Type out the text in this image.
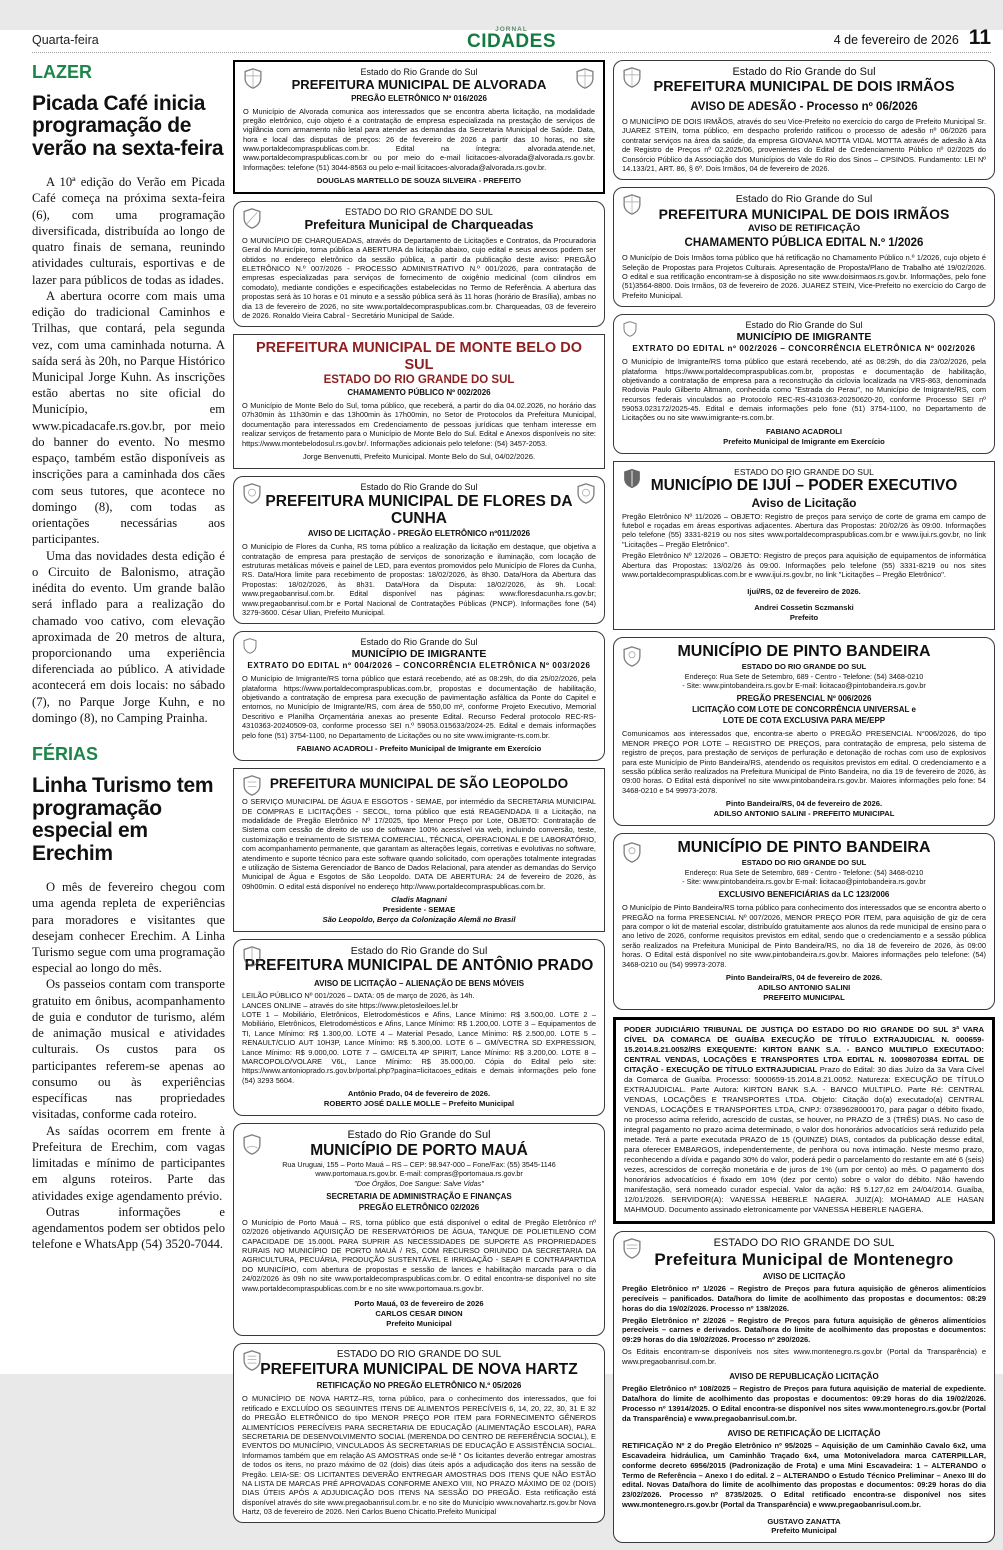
Quarta-feira
JORNAL
CIDADES	4 de fevereiro de 2026 11
LAZER
Picada Café inicia programação de verão na sexta-feira

A 10ª edição do Verão em Picada Café começa na próxima sexta-feira (6), com uma programação diversificada, distribuída ao longo de quatro finais de semana, reunindo atividades culturais, esportivas e de lazer para públicos de todas as idades.

A abertura ocorre com mais uma edição do tradicional Caminhos e Trilhas, que contará, pela segunda vez, com uma caminhada noturna. A saída será às 20h, no Parque Histórico Municipal Jorge Kuhn. As inscrições estão abertas no site oficial do Município, em www.picadacafe.rs.gov.br, por meio do banner do evento. No mesmo espaço, também estão disponíveis as inscrições para a caminhada dos cães com seus tutores, que acontece no domingo (8), com todas as orientações necessárias aos participantes.

Uma das novidades desta edição é o Circuito de Balonismo, atração inédita do evento. Um grande balão será inflado para a realização do chamado voo cativo, com elevação aproximada de 20 metros de altura, proporcionando uma experiência diferenciada ao público. A atividade acontecerá em dois locais: no sábado (7), no Parque Jorge Kuhn, e no domingo (8), no Camping Prainha.

FÉRIAS
Linha Turismo tem programação especial em Erechim

O mês de fevereiro chegou com uma agenda repleta de experiências para moradores e visitantes que desejam conhecer Erechim. A Linha Turismo segue com uma programação especial ao longo do mês.

Os passeios contam com transporte gratuito em ônibus, acompanhamento de guia e condutor de turismo, além de animação musical e atividades culturais. Os custos para os participantes referem-se apenas ao consumo ou às experiências específicas nas propriedades visitadas, conforme cada roteiro.

As saídas ocorrem em frente à Prefeitura de Erechim, com vagas limitadas e mínimo de participantes em alguns roteiros. Parte das atividades exige agendamento prévio.

Outras informações e agendamentos podem ser obtidos pelo telefone e WhatsApp (54) 3520-7044.

Estado do Rio Grande do Sul
PREFEITURA MUNICIPAL DE ALVORADA
PREGÃO ELETRÔNICO Nº 016/2026
O Município de Alvorada comunica aos interessados que se encontra aberta licitação, na modalidade pregão eletrônico, cujo objeto é a contratação de empresa especializada na prestação de serviços de vigilância com armamento não letal para atender as demandas da Secretaria Municipal de Saúde. Data, hora e local das disputas de preços: 26 de fevereiro de 2026 a partir das 10 horas, no site www.portaldecompraspublicas.com.br. Edital na íntegra: alvorada.atende.net, www.portaldecompraspublicas.com.br ou por meio do e-mail licitacoes-alvorada@alvorada.rs.gov.br. Informações: telefone (51) 3044-8563 ou pelo e-mail licitacoes-alvorada@alvorada.rs.gov.br.
DOUGLAS MARTELLO DE SOUZA SILVEIRA - PREFEITO
ESTADO DO RIO GRANDE DO SUL
Prefeitura Municipal de Charqueadas
O MUNICÍPIO DE CHARQUEADAS, através do Departamento de Licitações e Contratos, da Procuradoria Geral do Município, torna pública a ABERTURA da licitação abaixo, cujo edital e seus anexos podem ser obtidos no endereço eletrônico da sessão pública, a partir da publicação deste aviso: PREGÃO ELETRÔNICO N.º 007/2026 - PROCESSO ADMINISTRATIVO N.º 001/2026, para contratação de empresas especializadas para serviços de fornecimento de oxigênio medicinal (com cilindros em comodato), mediante condições e especificações estabelecidas no Termo de Referência. A abertura das propostas será às 10 horas e 01 minuto e a sessão pública será às 11 horas (horário de Brasília), ambas no dia 13 de fevereiro de 2026, no site www.portaldecompraspublicas.com.br. Charqueadas, 03 de fevereiro de 2026. Ronaldo Vieira Cabral - Secretário Municipal de Saúde.
PREFEITURA MUNICIPAL DE MONTE BELO DO SUL
ESTADO DO RIO GRANDE DO SUL
CHAMAMENTO PÚBLICO Nº 002/2026
O Município de Monte Belo do Sul, torna público, que receberá, a partir do dia 04.02.2026, no horário das 07h30min às 11h30min e das 13h00min às 17h00min, no Setor de Protocolos da Prefeitura Municipal, documentação para interessados em Credenciamento de pessoas jurídicas que tenham interesse em realizar serviços de fretamento para o Município de Monte Belo do Sul. Edital e Anexos disponíveis no site: https://www.montebelodosul.rs.gov.br/. Informações adicionais pelo telefone: (54) 3457-2053.
Jorge Benvenutti, Prefeito Municipal. Monte Belo do Sul, 04/02/2026.
Estado do Rio Grande do Sul
PREFEITURA MUNICIPAL DE FLORES DA CUNHA
AVISO DE LICITAÇÃO - PREGÃO ELETRÔNICO nº011/2026
O Município de Flores da Cunha, RS torna público a realização da licitação em destaque, que objetiva a contratação de empresa para prestação de serviços de sonorização e iluminação, com locação de estruturas metálicas móveis e painel de LED, para eventos promovidos pelo Município de Flores da Cunha, RS. Data/Hora limite para recebimento de propostas: 18/02/2026, às 8h30. Data/Hora da Abertura das Propostas: 18/02/2026, às 8h31. Data/Hora da Disputa: 18/02/2026, às 9h. Local: www.pregaobanrisul.com.br. Edital disponível nas páginas: www.floresdacunha.rs.gov.br; www.pregaobanrisul.com.br e Portal Nacional de Contratações Públicas (PNCP). Informações fone (54) 3279-3600. César Ulian, Prefeito Municipal.
Estado do Rio Grande do Sul
MUNICÍPIO DE IMIGRANTE
EXTRATO DO EDITAL nº 004/2026 – CONCORRÊNCIA ELETRÔNICA Nº 003/2026
O Município de Imigrante/RS torna público que estará recebendo, até as 08:29h, do dia 25/02/2026, pela plataforma https://www.portaldecompraspublicas.com.br, propostas e documentação de habilitação, objetivando a contratação de empresa para execução de pavimentação asfáltica da Ponte do Capitel e entornos, no Município de Imigrante/RS, com área de 550,00 m², conforme Projeto Executivo, Memorial Descritivo e Planilha Orçamentária anexas ao presente Edital. Recurso Federal protocolo REC-RS-4310363-20240509-03, conforme processo SEI n.º 59053.015633/2024-25. Edital e demais informações pelo fone (51) 3754-1100, no Departamento de Licitações ou no site www.imigrante-rs.com.br.
FABIANO ACADROLI - Prefeito Municipal de Imigrante em Exercício
PREFEITURA MUNICIPAL DE SÃO LEOPOLDO
O SERVIÇO MUNICIPAL DE ÁGUA E ESGOTOS - SEMAE, por intermédio da SECRETARIA MUNICIPAL DE COMPRAS E LICITAÇÕES - SECOL, torna público que está REAGENDADA II a Licitação, na modalidade de Pregão Eletrônico Nº 17/2025, tipo Menor Preço por Lote, OBJETO: Contratação de Sistema com cessão de direito de uso de software 100% acessível via web, incluindo conversão, teste, customização e treinamento de SISTEMA COMERCIAL, TÉCNICA, OPERACIONAL E DE LABORATÓRIO, com acompanhamento permanente, que garantam as alterações legais, corretivas e evolutivas no software, atendimento e suporte técnico para este software quando solicitado, com operações totalmente integradas e utilização de Sistema Gerenciador de Banco de Dados Relacional, para atender as demandas do Serviço Municipal de Água e Esgotos de São Leopoldo. DATA DE ABERTURA: 24 de fevereiro de 2026, às 09h00min. O edital está disponível no endereço http://www.portaldecompraspublicas.com.br.
Cladis Magnani
Presidente - SEMAE
São Leopoldo, Berço da Colonização Alemã no Brasil
Estado do Rio Grande do Sul
PREFEITURA MUNICIPAL DE ANTÔNIO PRADO
AVISO DE LICITAÇÃO – ALIENAÇÃO DE BENS MÓVEIS
LEILÃO PÚBLICO Nº 001/2026 – DATA: 05 de março de 2026, às 14h.
LANCES ONLINE – através do site https://www.pletosleiloes.lel.br
LOTE 1 – Mobiliário, Eletrônicos, Eletrodomésticos e Afins, Lance Mínimo: R$ 3.500,00. LOTE 2 – Mobiliário, Eletrônicos, Eletrodomésticos e Afins, Lance Mínimo: R$ 1.200,00. LOTE 3 – Equipamentos de TI, Lance Mínimo: R$ 1.300,00. LOTE 4 – Material Pesado, Lance Mínimo: R$ 2.500,00. LOTE 5 – RENAULT/CLIO AUT 10H3P, Lance Mínimo: R$ 5.300,00. LOTE 6 – GM/VECTRA SD EXPRESSION, Lance Mínimo: R$ 9.000,00. LOTE 7 – GM/CELTA 4P SPIRIT, Lance Mínimo: R$ 3.200,00. LOTE 8 – MARCOPOLO/VOLARE V6L, Lance Mínimo: R$ 35.000,00. Cópia do Edital pelo site: https://www.antonioprado.rs.gov.br/portal.php?pagina=licitacoes_editais e demais informações pelo fone (54) 3293 5604.
Antônio Prado, 04 de fevereiro de 2026.
ROBERTO JOSÉ DALLE MOLLE – Prefeito Municipal
Estado do Rio Grande do Sul
MUNICÍPIO DE PORTO MAUÁ
Rua Uruguai, 155 – Porto Mauá – RS – CEP: 98.947-000 – Fone/Fax: (55) 3545-1146
www.portomaua.rs.gov.br. E-mail: compras@portomaua.rs.gov.br
"Doe Órgãos, Doe Sangue: Salve Vidas"
SECRETARIA DE ADMINISTRAÇÃO E FINANÇAS
PREGÃO ELETRÔNICO 02/2026
O Município de Porto Mauá – RS, torna público que está disponível o edital de Pregão Eletrônico nº 02/2026 objetivando AQUISIÇÃO DE RESERVATÓRIOS DE ÁGUA, TANQUE DE POLIETILENO COM CAPACIDADE DE 15.000L PARA SUPRIR AS NECESSIDADES DE SUPORTE AS PROPRIEDADES RURAIS NO MUNICÍPIO DE PORTO MAUÁ / RS, COM RECURSO ORIUNDO DA SECRETARIA DA AGRICULTURA, PECUÁRIA, PRODUÇÃO SUSTENTÁVEL E IRRIGAÇÃO - SEAPI E CONTRAPARTIDA DO MUNICÍPIO, com abertura de propostas e sessão de lances e habilitação marcada para o dia 24/02/2026 às 09h no site www.portaldecompraspublicas.com.br. O edital encontra-se disponível no site www.portaldecompraspublicas.com.br e no site www.portomaua.rs.gov.br.
Porto Mauá, 03 de fevereiro de 2026
CARLOS CESAR DINON
Prefeito Municipal
ESTADO DO RIO GRANDE DO SUL
PREFEITURA MUNICIPAL DE NOVA HARTZ
RETIFICAÇÃO NO PREGÃO ELETRÔNICO N.º 05/2026
O MUNICÍPIO DE NOVA HARTZ–RS, torna público, para o conhecimento dos interessados, que foi retificado e EXCLUÍDO OS SEGUINTES ITENS DE ALIMENTOS PERECÍVEIS 6, 14, 20, 22, 30, 31 E 32 do PREGÃO ELETRÔNICO do tipo MENOR PREÇO POR ITEM para FORNECIMENTO GÊNEROS ALIMENTÍCIOS PERECÍVEIS PARA SECRETARIA DE EDUCAÇÃO (ALIMENTAÇÃO ESCOLAR), PARA SECRETARIA DE DESENVOLVIMENTO SOCIAL (MERENDA DO CENTRO DE REFERÊNCIA SOCIAL), E EVENTOS DO MUNICÍPIO, VINCULADOS ÀS SECRETARIAS DE EDUCAÇÃO E ASSISTÊNCIA SOCIAL. Informamos também que em relação AS AMOSTRAS onde se-lê " Os licitantes deverão entregar amostras de todos os itens, no prazo máximo de 02 (dois) dias úteis após a adjudicação dos itens na sessão de Pregão. LEIA-SE: OS LICITANTES DEVERÃO ENTREGAR AMOSTRAS DOS ITENS QUE NÃO ESTÃO NA LISTA DE MARCAS PRÉ APROVADAS CONFORME ANEXO VIII, NO PRAZO MÁXIMO DE 02 (DOIS) DIAS ÚTEIS APÓS A ADJUDICAÇÃO DOS ITENS NA SESSÃO DO PREGÃO. Esta retificação está disponível através do site www.pregaobanrisul.com.br. e no site do Município www.novahartz.rs.gov.br Nova Hartz, 03 de fevereiro de 2026. Neri Carlos Bueno Chicatto.Prefeito Municipal
Estado do Rio Grande do Sul
PREFEITURA MUNICIPAL DE DOIS IRMÃOS
AVISO DE ADESÃO - Processo nº 06/2026
O MUNICÍPIO DE DOIS IRMÃOS, através do seu Vice-Prefeito no exercício do cargo de Prefeito Municipal Sr. JUAREZ STEIN, torna público, em despacho proferido ratificou o processo de adesão nº 06/2026 para contratar serviços na área da saúde, da empresa GIOVANA MOTTA VIDAL MOTTA através de adesão à Ata de Registro de Preços nº 02.2025/06, provenientes do Edital de Credenciamento Público nº 02/2025 do Consórcio Público da Associação dos Municípios do Vale do Rio dos Sinos – CPSINOS. Fundamento: LEI Nº 14.133/21, ART. 86, § 6º. Dois Irmãos, 04 de fevereiro de 2026.
Estado do Rio Grande do Sul
PREFEITURA MUNICIPAL DE DOIS IRMÃOS
AVISO DE RETIFICAÇÃO
CHAMAMENTO PÚBLICA EDITAL N.º 1/2026
O Município de Dois Irmãos torna público que há retificação no Chamamento Público n.º 1/2026, cujo objeto é Seleção de Propostas para Projetos Culturais. Apresentação de Proposta/Plano de Trabalho até 19/02/2026. O edital e sua retificação encontram-se à disposição no site www.doisirmaos.rs.gov.br. Informações, pelo fone (51)3564-8800. Dois Irmãos, 03 de fevereiro de 2026. JUAREZ STEIN, Vice-Prefeito no exercício do Cargo de Prefeito Municipal.
Estado do Rio Grande do Sul
MUNICÍPIO DE IMIGRANTE
EXTRATO DO EDITAL nº 002/2026 – CONCORRÊNCIA ELETRÔNICA Nº 002/2026
O Município de Imigrante/RS torna público que estará recebendo, até as 08:29h, do dia 23/02/2026, pela plataforma https://www.portaldecompraspublicas.com.br, propostas e documentação de habilitação, objetivando a contratação de empresa para a reconstrução da ciclovia localizada na VRS-863, denominada Rodovia Paulo Gilberto Altmann, conhecida como "Estrada do Perau", no Município de Imigrante/RS, com recursos federais vinculados ao Protocolo REC-RS-4310363-20250620-20, conforme Processo SEI nº 59053.023172/2025-45. Edital e demais informações pelo fone (51) 3754-1100, no Departamento de Licitações ou no site www.imigrante-rs.com.br.
FABIANO ACADROLI
Prefeito Municipal de Imigrante em Exercício
ESTADO DO RIO GRANDE DO SUL
MUNICÍPIO DE IJUÍ – PODER EXECUTIVO
Aviso de Licitação
Pregão Eletrônico Nº 11/2026 – OBJETO: Registro de preços para serviço de corte de grama em campo de futebol e roçadas em áreas esportivas adjacentes. Abertura das Propostas: 20/02/26 às 09:00. Informações pelo telefone (55) 3331-8219 ou nos sites www.portaldecompraspublicas.com.br e www.ijui.rs.gov.br, no link "Licitações – Pregão Eletrônico".
Pregão Eletrônico Nº 12/2026 – OBJETO: Registro de preços para aquisição de equipamentos de informática Abertura das Propostas: 13/02/26 às 09:00. Informações pelo telefone (55) 3331-8219 ou nos sites www.portaldecompraspublicas.com.br e www.ijui.rs.gov.br, no link "Licitações – Pregão Eletrônico".
Ijuí/RS, 02 de fevereiro de 2026.
Andrei Cossetin Sczmanski
Prefeito
MUNICÍPIO DE PINTO BANDEIRA
ESTADO DO RIO GRANDE DO SUL
Endereço: Rua Sete de Setembro, 689 - Centro - Telefone: (54) 3468-0210
- Site: www.pintobandeira.rs.gov.br E-mail: licitacao@pintobandeira.rs.gov.br
PREGÃO PRESENCIAL Nº 006/2026
LICITAÇÃO COM LOTE DE CONCORRÊNCIA UNIVERSAL e
LOTE DE COTA EXCLUSIVA PARA ME/EPP
Comunicamos aos interessados que, encontra-se aberto o PREGÃO PRESENCIAL N°006/2026, do tipo MENOR PREÇO POR LOTE – REGISTRO DE PREÇOS, para contratação de empresa, pelo sistema de registro de preços, para prestação de serviços de perfuração e detonação de rochas com uso de explosivos para este Município de Pinto Bandeira/RS, atendendo os requisitos previstos em edital. O credenciamento e a sessão pública serão realizados na Prefeitura Municipal de Pinto Bandeira, no dia 19 de fevereiro de 2026, às 09:00 horas. O Edital está disponível no site www.pintobandeira.rs.gov.br. Maiores informações pelo fone: 54 3468-0210 e 54 99973-2078.
Pinto Bandeira/RS, 04 de fevereiro de 2026.
ADILSO ANTONIO SALINI - PREFEITO MUNICIPAL
MUNICÍPIO DE PINTO BANDEIRA
ESTADO DO RIO GRANDE DO SUL
Endereço: Rua Sete de Setembro, 689 - Centro - Telefone: (54) 3468-0210
- Site: www.pintobandeira.rs.gov.br E-mail: licitacao@pintobandeira.rs.gov.br
EXCLUSIVO BENEFICIÁRIAS da LC 123/2006
O Município de Pinto Bandeira/RS torna público para conhecimento dos interessados que se encontra aberto o PREGÃO na forma PRESENCIAL Nº 007/2026, MENOR PREÇO POR ITEM, para aquisição de giz de cera para compor o kit de material escolar, distribuído gratuitamente aos alunos da rede municipal de ensino para o ano letivo de 2026, conforme requisitos previstos em edital, sendo que o credenciamento e a sessão pública serão realizados na Prefeitura Municipal de Pinto Bandeira/RS, no dia 18 de fevereiro de 2026, às 09:00 horas. O Edital está disponível no site www.pintobandeira.rs.gov.br. Maiores informações pelo telefone: (54) 3468-0210 ou (54) 99973-2078.
Pinto Bandeira/RS, 04 de fevereiro de 2026.
ADILSO ANTONIO SALINI
PREFEITO MUNICIPAL
PODER JUDICIÁRIO TRIBUNAL DE JUSTIÇA DO ESTADO DO RIO GRANDE DO SUL 3ª VARA CÍVEL DA COMARCA DE GUAÍBA EXECUÇÃO DE TÍTULO EXTRAJUDICIAL N. 000659-15.2014.8.21.0052/RS EXEQUENTE: KIRTON BANK S.A. - BANCO MULTIPLO EXECUTADO: CENTRAL VENDAS, LOCAÇÕES E TRANSPORTES LTDA EDITAL N. 10098070384 EDITAL DE CITAÇÃO - EXECUÇÃO DE TÍTULO EXTRAJUDICIAL Prazo do Edital: 30 dias Juízo da 3a Vara Cível da Comarca de Guaíba. Processo: 5000659-15.2014.8.21.0052. Natureza: EXECUÇÃO DE TÍTULO EXTRAJUDICIAL. Parte Autora: KIRTON BANK S.A. - BANCO MULTIPLO. Parte Ré: CENTRAL VENDAS, LOCAÇÕES E TRANSPORTES LTDA. Objeto: Citação do(a) executado(a) CENTRAL VENDAS, LOCAÇÕES E TRANSPORTES LTDA, CNPJ: 07389628000170, para pagar o débito fixado, no processo acima referido, acrescido de custas, se houver, no PRAZO de 3 (TRÊS) DIAS. No caso de integral pagamento no prazo acima determinado, o valor dos honorários advocatícios será reduzido pela metade. Terá a parte executada PRAZO de 15 (QUINZE) DIAS, contados da publicação desse edital, para oferecer EMBARGOS, independentemente, de penhora ou nova intimação. Neste mesmo prazo, reconhecendo a dívida e pagando 30% do valor, poderá pedir o parcelamento do restante em até 6 (seis) vezes, acrescidos de correção monetária e de juros de 1% (um por cento) ao mês. O pagamento dos honorários advocatícios é fixado em 10% (dez por cento) sobre o valor do débito. Não havendo manifestação, será nomeado curador especial. Valor da ação: R$ 5.127,62 em 24/04/2014. Guaíba, 12/01/2026. SERVIDOR(A): VANESSA HEBERLE NAGERA. JUIZ(A): MOHAMAD ALE HASAN MAHMOUD. Documento assinado eletronicamente por VANESSA HEBERLE NAGERA.
ESTADO DO RIO GRANDE DO SUL
Prefeitura Municipal de Montenegro
AVISO DE LICITAÇÃO
Pregão Eletrônico nº 1/2026 – Registro de Preços para futura aquisição de gêneros alimentícios perecíveis – panificados. Data/hora do limite de acolhimento das propostas e documentos: 08:29 horas do dia 19/02/2026. Processo nº 138/2026.
Pregão Eletrônico nº 2/2026 – Registro de Preços para futura aquisição de gêneros alimentícios perecíveis – carnes e derivados. Data/hora do limite de acolhimento das propostas e documentos: 09:29 horas do dia 19/02/2026. Processo nº 290/2026.
Os Editais encontram-se disponíveis nos sites www.montenegro.rs.gov.br (Portal da Transparência) e www.pregaobanrisul.com.br.
AVISO DE REPUBLICAÇÃO LICITAÇÃO
Pregão Eletrônico nº 108/2025 – Registro de Preços para futura aquisição de material de expediente. Data/hora do limite de acolhimento das propostas e documentos: 09:29 horas do dia 19/02/2026. Processo nº 13914/2025. O Edital encontra-se disponível nos sites www.montenegro.rs.gov.br (Portal da Transparência) e www.pregaobanrisul.com.br.
AVISO DE RETIFICAÇÃO DE LICITAÇÃO
RETIFICAÇÃO Nº 2 do Pregão Eletrônico nº 95/2025 – Aquisição de um Caminhão Cavalo 6x2, uma Escavadeira hidráulica, um Caminhão Traçado 6x4, uma Motoniveladora marca CATERPILLAR, conforme decreto 6956/2015 (Padronização de Frota) e uma Mini Escavadeira: 1 – ALTERANDO o Termo de Referência – Anexo I do edital. 2 – ALTERANDO o Estudo Técnico Preliminar – Anexo III do edital. Novas Data/hora do limite de acolhimento das propostas e documentos: 09:29 horas do dia 23/02/2026. Processo nº 8735/2025. O Edital retificado encontra-se disponível nos sites www.montenegro.rs.gov.br (Portal da Transparência) e www.pregaobanrisul.com.br.
GUSTAVO ZANATTA
Prefeito Municipal
